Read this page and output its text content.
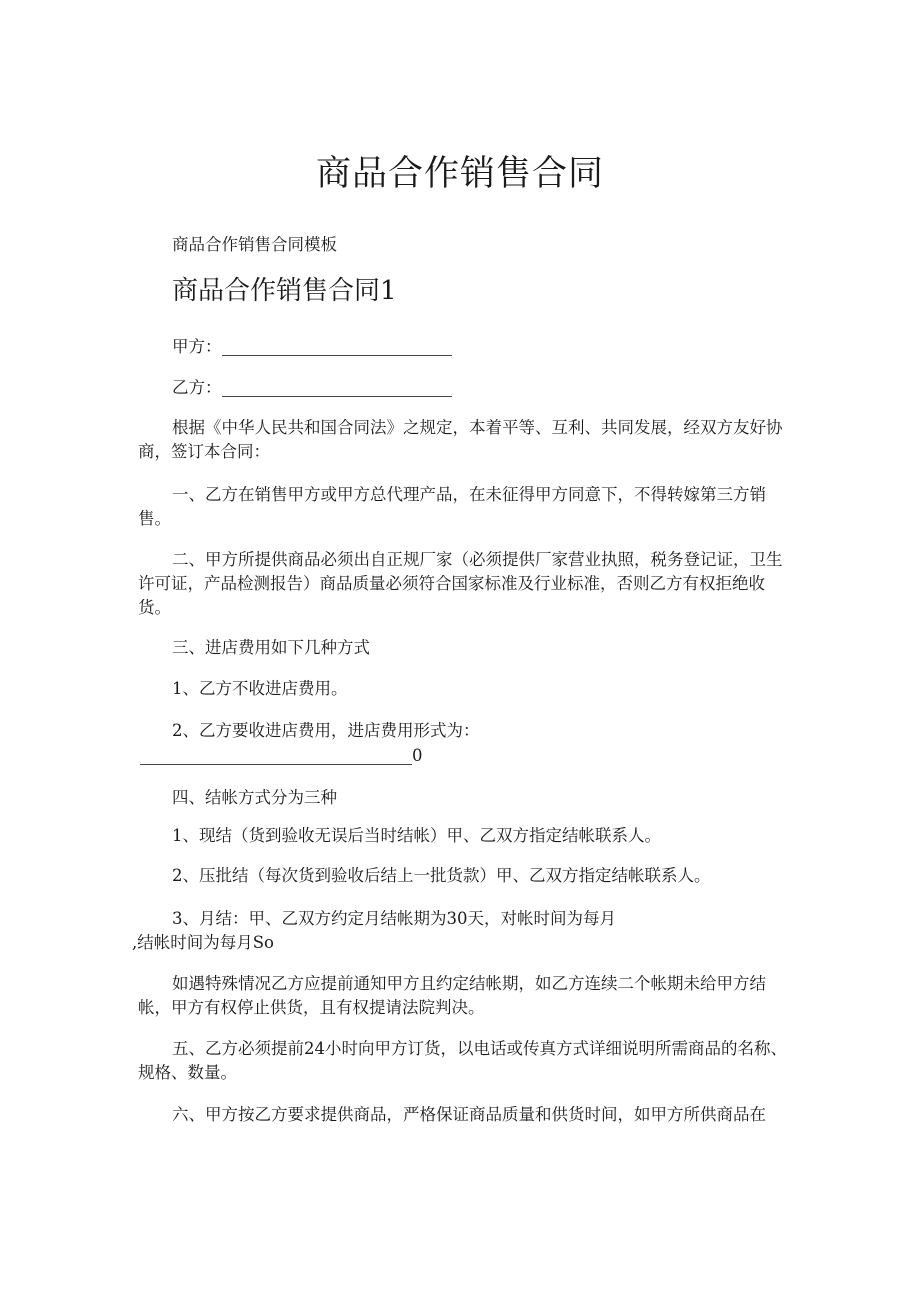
商品合作销售合同

商品合作销售合同模板

商品合作销售合同1

甲方：

乙方：

根据《中华人民共和国合同法》之规定，本着平等、互利、共同发展，经双方友好协商，签订本合同：

一、乙方在销售甲方或甲方总代理产品，在未征得甲方同意下，不得转嫁第三方销售。

二、甲方所提供商品必须出自正规厂家（必须提供厂家营业执照，税务登记证，卫生许可证，产品检测报告）商品质量必须符合国家标准及行业标准，否则乙方有权拒绝收货。

三、进店费用如下几种方式

1、乙方不收进店费用。

2、乙方要收进店费用，进店费用形式为：

0

四、结帐方式分为三种

1、现结（货到验收无误后当时结帐）甲、乙双方指定结帐联系人。

2、压批结（每次货到验收后结上一批货款）甲、乙双方指定结帐联系人。

3、月结：甲、乙双方约定月结帐期为30天，对帐时间为每月

,结帐时间为每月So

如遇特殊情况乙方应提前通知甲方且约定结帐期，如乙方连续二个帐期未给甲方结帐，甲方有权停止供货，且有权提请法院判决。

五、乙方必须提前24小时向甲方订货，以电话或传真方式详细说明所需商品的名称、规格、数量。

六、甲方按乙方要求提供商品，严格保证商品质量和供货时间，如甲方所供商品在
